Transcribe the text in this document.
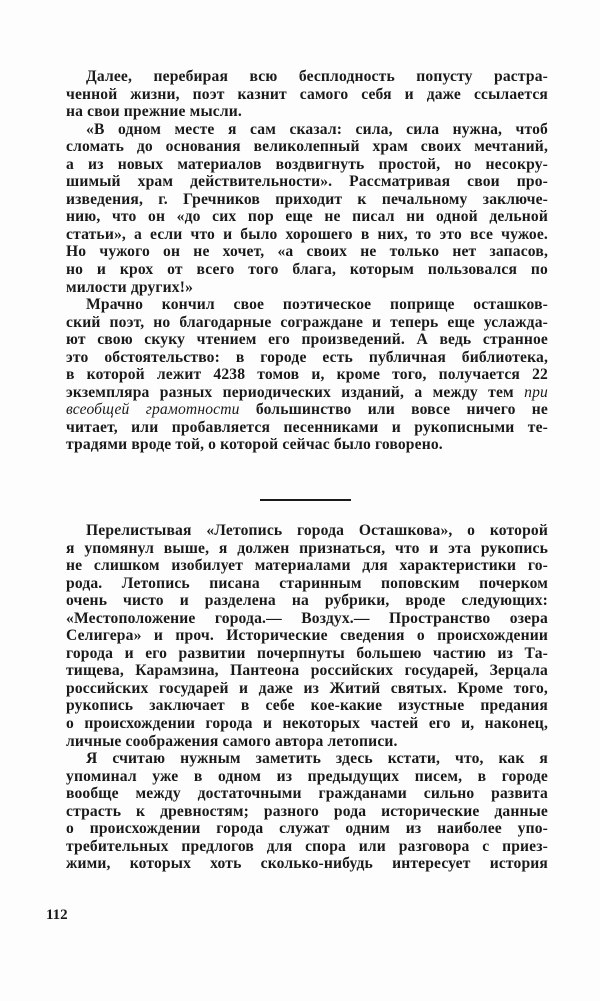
Далее, перебирая всю бесплодность попусту растра-
ченной жизни, поэт казнит самого себя и даже ссылается
на свои прежние мысли.
«В одном месте я сам сказал: сила, сила нужна, чтоб
сломать до основания великолепный храм своих мечтаний,
а из новых материалов воздвигнуть простой, но несокру-
шимый храм действительности». Рассматривая свои про-
изведения, г. Гречников приходит к печальному заключе-
нию, что он «до сих пор еще не писал ни одной дельной
статьи», а если что и было хорошего в них, то это все чужое.
Но чужого он не хочет, «а своих не только нет запасов,
но и крох от всего того блага, которым пользовался по
милости других!»
Мрачно кончил свое поэтическое поприще осташков-
ский поэт, но благодарные сограждане и теперь еще услажда-
ют свою скуку чтением его произведений. А ведь странное
это обстоятельство: в городе есть публичная библиотека,
в которой лежит 4238 томов и, кроме того, получается 22
экземпляра разных периодических изданий, а между тем при
всеобщей грамотности большинство или вовсе ничего не
читает, или пробавляется песенниками и рукописными те-
традями вроде той, о которой сейчас было говорено.
Перелистывая «Летопись города Осташкова», о которой
я упомянул выше, я должен признаться, что и эта рукопись
не слишком изобилует материалами для характеристики го-
рода. Летопись писана старинным поповским почерком
очень чисто и разделена на рубрики, вроде следующих:
«Местоположение города.— Воздух.— Пространство озера
Селигера» и проч. Исторические сведения о происхождении
города и его развитии почерпнуты большею частию из Та-
тищева, Карамзина, Пантеона российских государей, Зерцала
российских государей и даже из Житий святых. Кроме того,
рукопись заключает в себе кое-какие изустные предания
о происхождении города и некоторых частей его и, наконец,
личные соображения самого автора летописи.
Я считаю нужным заметить здесь кстати, что, как я
упоминал уже в одном из предыдущих писем, в городе
вообще между достаточными гражданами сильно развита
страсть к древностям; разного рода исторические данные
о происхождении города служат одним из наиболее упо-
требительных предлогов для спора или разговора с приез-
жими, которых хоть сколько-нибудь интересует история
112
